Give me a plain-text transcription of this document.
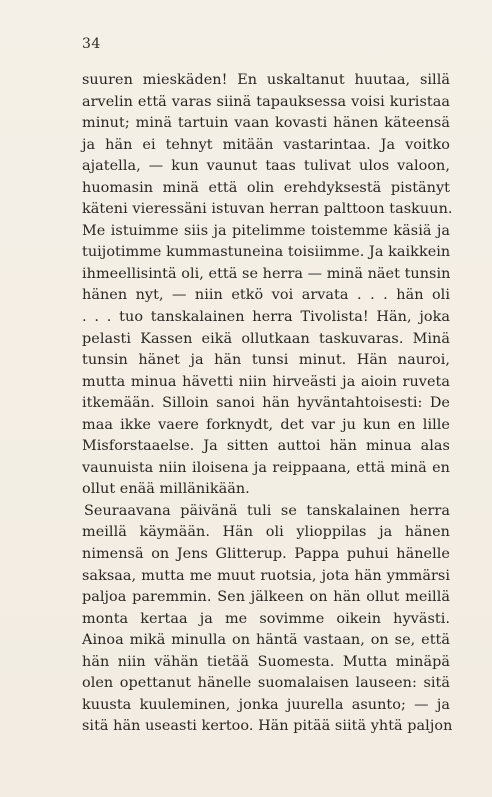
34
suuren mieskäden! En uskaltanut huutaa, sillä
arvelin että varas siinä tapauksessa voisi kuristaa
minut; minä tartuin vaan kovasti hänen käteensä
ja hän ei tehnyt mitään vastarintaa. Ja voitko
ajatella, — kun vaunut taas tulivat ulos valoon,
huomasin minä että olin erehdyksestä pistänyt
käteni vieressäni istuvan herran palttoon taskuun.
Me istuimme siis ja pitelimme toistemme käsiä ja
tuijotimme kummastuneina toisiimme. Ja kaikkein
ihmeellisintä oli, että se herra — minä näet tunsin
hänen nyt, — niin etkö voi arvata . . . hän oli
. . . tuo tanskalainen herra Tivolista! Hän, joka
pelasti Kassen eikä ollutkaan taskuvaras. Minä
tunsin hänet ja hän tunsi minut. Hän nauroi,
mutta minua hävetti niin hirveästi ja aioin ruveta
itkemään. Silloin sanoi hän hyväntahtoisesti: De
maa ikke vaere forknydt, det var ju kun en lille
Misforstaaelse. Ja sitten auttoi hän minua alas
vaunuista niin iloisena ja reippaana, että minä en
ollut enää millänikään.
Seuraavana päivänä tuli se tanskalainen herra
meillä käymään. Hän oli ylioppilas ja hänen
nimensä on Jens Glitterup. Pappa puhui hänelle
saksaa, mutta me muut ruotsia, jota hän ymmärsi
paljoa paremmin. Sen jälkeen on hän ollut meillä
monta kertaa ja me sovimme oikein hyvästi.
Ainoa mikä minulla on häntä vastaan, on se, että
hän niin vähän tietää Suomesta. Mutta minäpä
olen opettanut hänelle suomalaisen lauseen: sitä
kuusta kuuleminen, jonka juurella asunto; — ja
sitä hän useasti kertoo. Hän pitää siitä yhtä paljon
